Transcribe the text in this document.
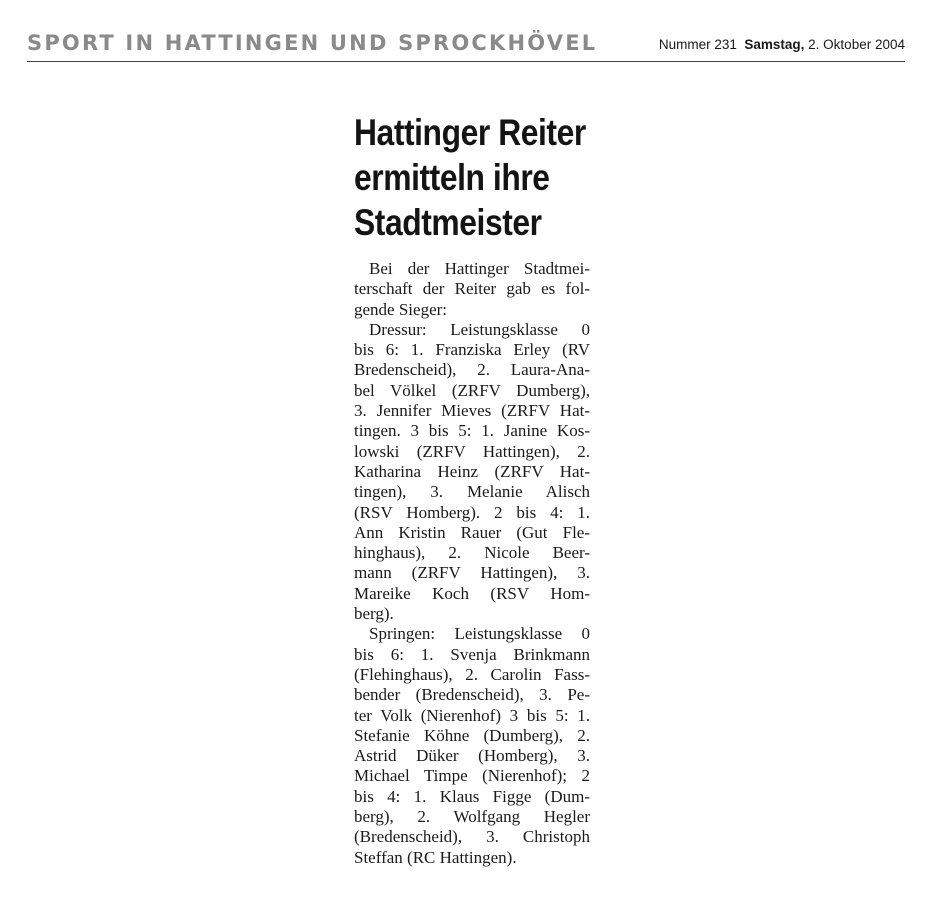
SPORT IN HATTINGEN UND SPROCKHÖVEL	Nummer 231 Samstag, 2. Oktober 2004
Hattinger Reiter
ermitteln ihre
Stadtmeister

Bei der Hattinger Stadtmei-
terschaft der Reiter gab es fol-
gende Sieger:

Dressur: Leistungsklasse 0
bis 6: 1. Franziska Erley (RV
Bredenscheid), 2. Laura-Ana-
bel Völkel (ZRFV Dumberg),
3. Jennifer Mieves (ZRFV Hat-
tingen. 3 bis 5: 1. Janine Kos-
lowski (ZRFV Hattingen), 2.
Katharina Heinz (ZRFV Hat-
tingen), 3. Melanie Alisch
(RSV Homberg). 2 bis 4: 1.
Ann Kristin Rauer (Gut Fle-
hinghaus), 2. Nicole Beer-
mann (ZRFV Hattingen), 3.
Mareike Koch (RSV Hom-
berg).

Springen: Leistungsklasse 0
bis 6: 1. Svenja Brinkmann
(Flehinghaus), 2. Carolin Fass-
bender (Bredenscheid), 3. Pe-
ter Volk (Nierenhof) 3 bis 5: 1.
Stefanie Köhne (Dumberg), 2.
Astrid Düker (Homberg), 3.
Michael Timpe (Nierenhof); 2
bis 4: 1. Klaus Figge (Dum-
berg), 2. Wolfgang Hegler
(Bredenscheid), 3. Christoph
Steffan (RC Hattingen).
